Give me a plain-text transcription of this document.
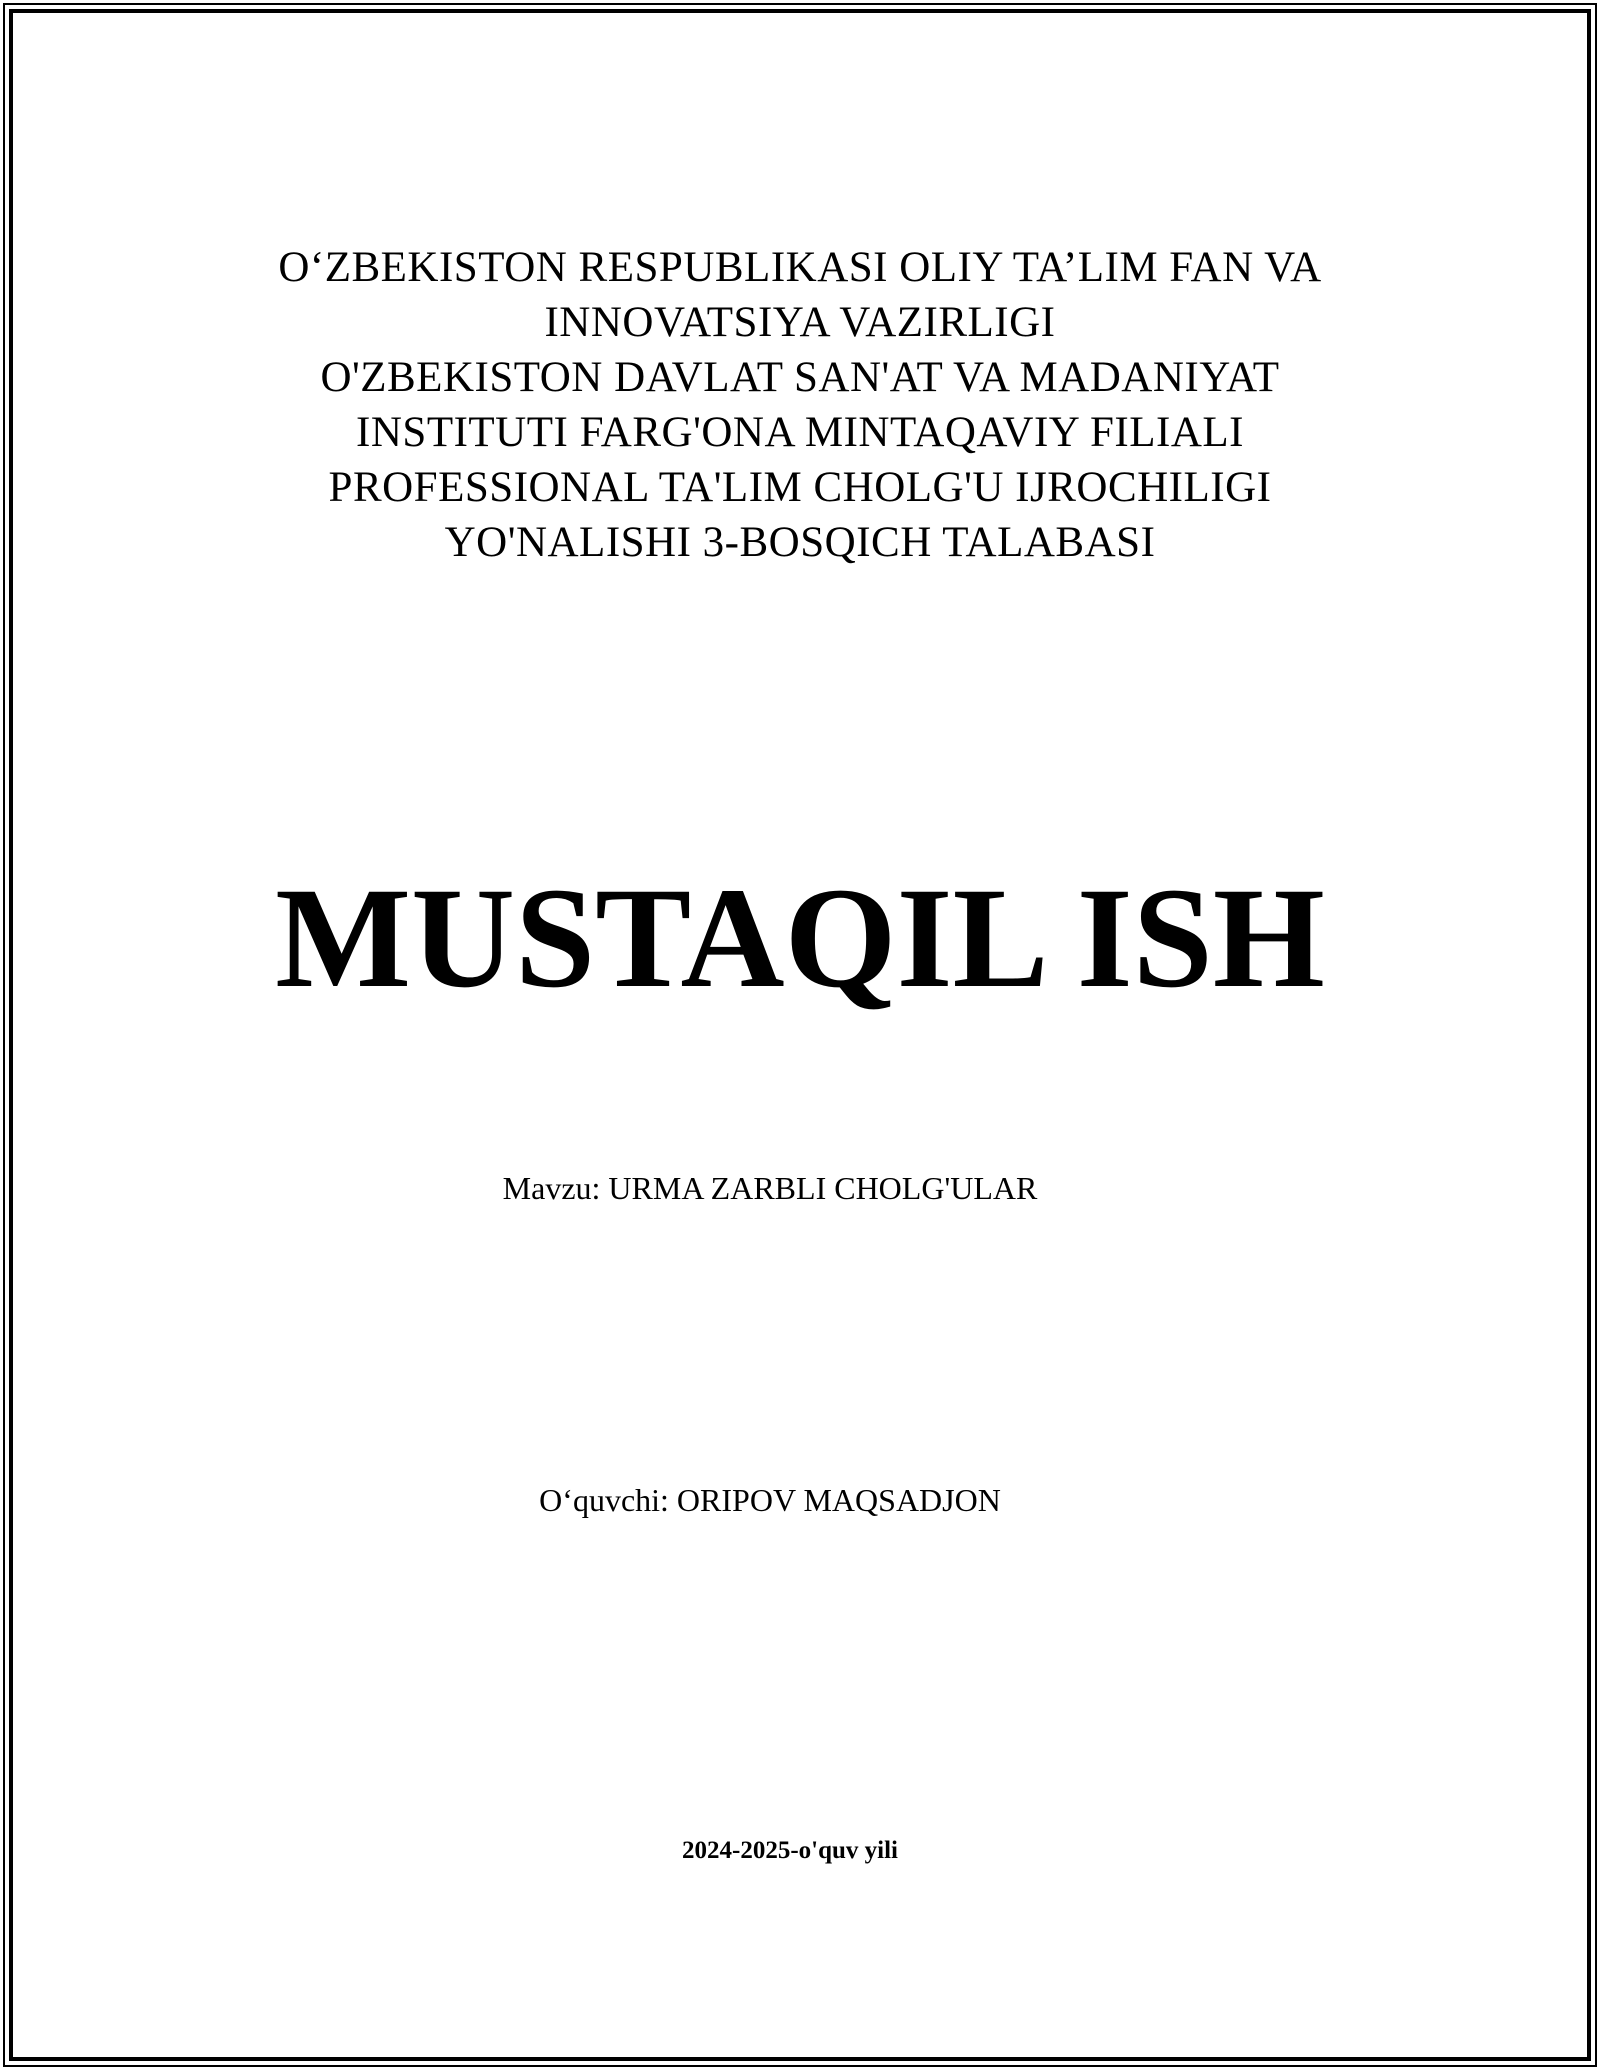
O‘ZBEKISTON RESPUBLIKASI OLIY TA’LIM FAN VA
INNOVATSIYA VAZIRLIGI
O'ZBEKISTON DAVLAT SAN'AT VA MADANIYAT
INSTITUTI FARG'ONA MINTAQAVIY FILIALI
PROFESSIONAL TA'LIM CHOLG'U IJROCHILIGI
YO'NALISHI 3-BOSQICH TALABASI
MUSTAQIL ISH
Mavzu: URMA ZARBLI CHOLG'ULAR
O‘quvchi: ORIPOV MAQSADJON
2024-2025-o'quv yili
